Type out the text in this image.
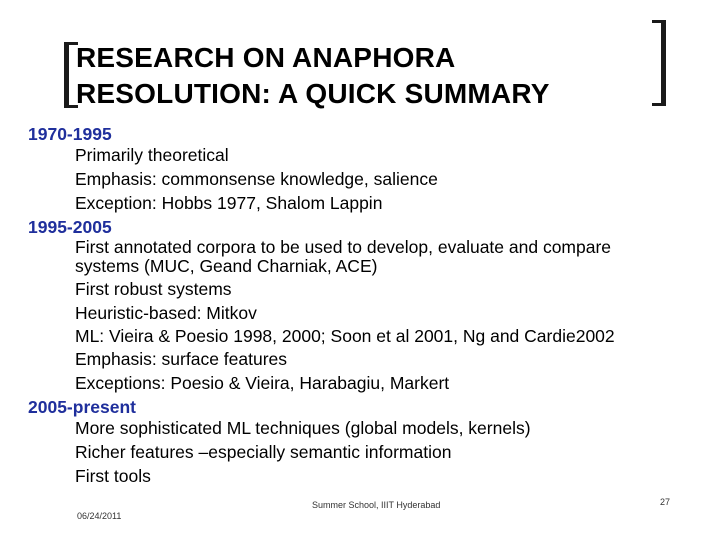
RESEARCH ON ANAPHORA
RESOLUTION: A QUICK SUMMARY
1970-1995
Primarily theoretical
Emphasis: commonsense knowledge, salience
Exception: Hobbs 1977, Shalom Lappin
1995-2005
First annotated corpora to be used to develop, evaluate and compare systems (MUC, Geand Charniak, ACE)
First robust systems
Heuristic-based: Mitkov
ML: Vieira & Poesio 1998, 2000; Soon et al 2001, Ng and Cardie2002
Emphasis: surface features
Exceptions: Poesio & Vieira, Harabagiu, Markert
2005-present
More sophisticated ML techniques (global models, kernels)
Richer features –especially semantic information
First tools
06/24/2011
Summer School, IIIT Hyderabad	27
